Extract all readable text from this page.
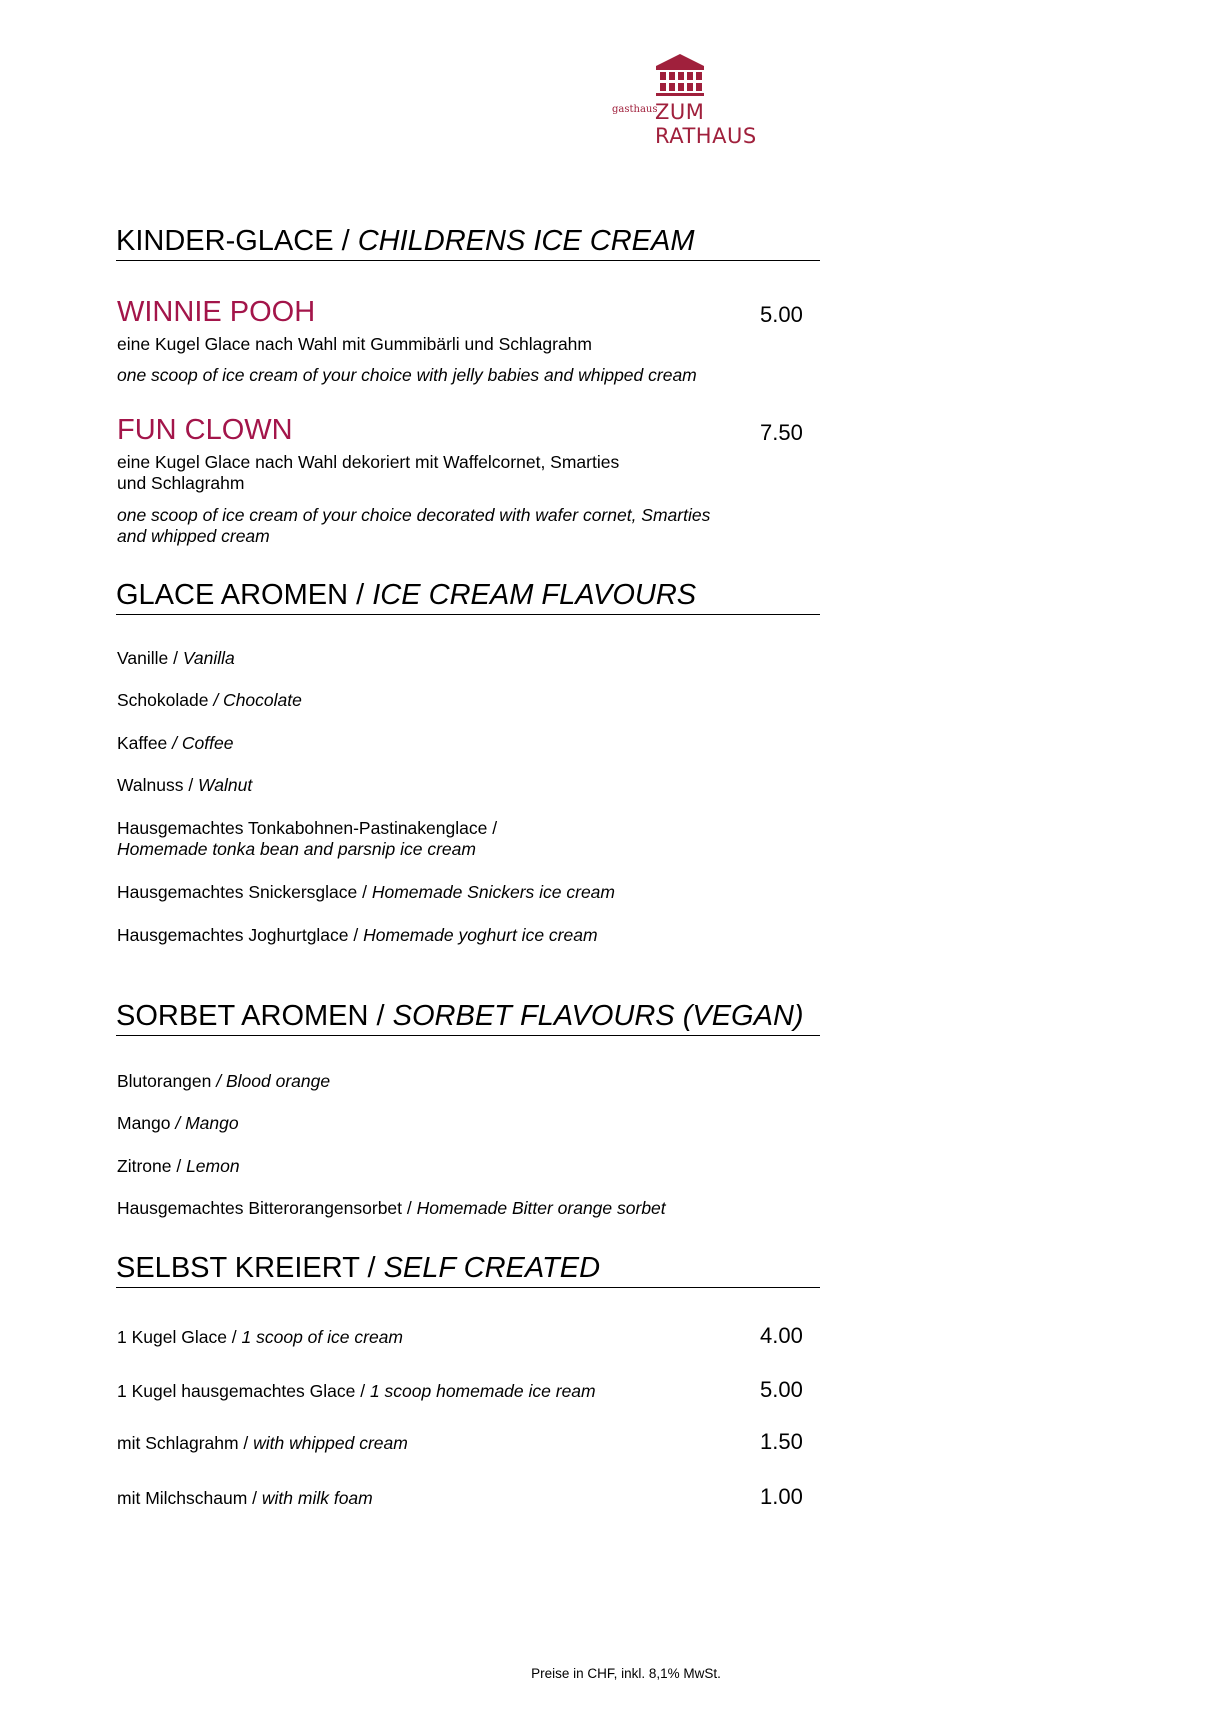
gasthaus
ZUM RATHAUS
KINDER-GLACE / CHILDRENS ICE CREAM
WINNIE POOH	5.00
eine Kugel Glace nach Wahl mit Gummibärli und Schlagrahm
one scoop of ice cream of your choice with jelly babies and whipped cream
FUN CLOWN	7.50
eine Kugel Glace nach Wahl dekoriert mit Waffelcornet, Smarties
und Schlagrahm
one scoop of ice cream of your choice decorated with wafer cornet, Smarties
and whipped cream
GLACE AROMEN / ICE CREAM FLAVOURS
Vanille / Vanilla
Schokolade / Chocolate
Kaffee / Coffee
Walnuss / Walnut
Hausgemachtes Tonkabohnen-Pastinakenglace /
Homemade tonka bean and parsnip ice cream
Hausgemachtes Snickersglace / Homemade Snickers ice cream
Hausgemachtes Joghurtglace / Homemade yoghurt ice cream
SORBET AROMEN / SORBET FLAVOURS (VEGAN)
Blutorangen / Blood orange
Mango / Mango
Zitrone / Lemon
Hausgemachtes Bitterorangensorbet / Homemade Bitter orange sorbet
SELBST KREIERT / SELF CREATED
1 Kugel Glace / 1 scoop of ice cream	4.00
1 Kugel hausgemachtes Glace / 1 scoop homemade ice ream	5.00
mit Schlagrahm / with whipped cream	1.50
mit Milchschaum / with milk foam	1.00
Preise in CHF, inkl. 8,1% MwSt.
